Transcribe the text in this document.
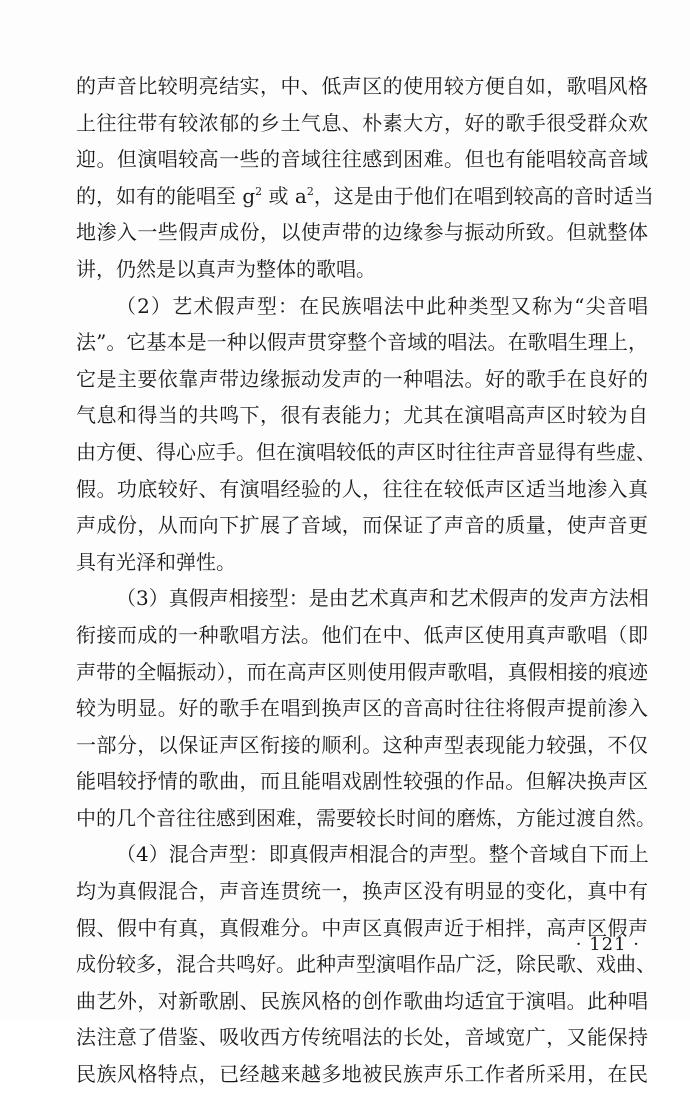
的声音比较明亮结实，中、低声区的使用较方便自如，歌唱风格
上往往带有较浓郁的乡土气息、朴素大方，好的歌手很受群众欢
迎。但演唱较高一些的音域往往感到困难。但也有能唱较高音域
的，如有的能唱至 $g^2$ 或 $a^2$，这是由于他们在唱到较高的音时适当
地渗入一些假声成份，以使声带的边缘参与振动所致。但就整体
讲，仍然是以真声为整体的歌唱。
（2）艺术假声型：在民族唱法中此种类型又称为“尖音唱
法”。它基本是一种以假声贯穿整个音域的唱法。在歌唱生理上，
它是主要依靠声带边缘振动发声的一种唱法。好的歌手在良好的
气息和得当的共鸣下，很有表能力；尤其在演唱高声区时较为自
由方便、得心应手。但在演唱较低的声区时往往声音显得有些虚、
假。功底较好、有演唱经验的人，往往在较低声区适当地渗入真
声成份，从而向下扩展了音域，而保证了声音的质量，使声音更
具有光泽和弹性。
（3）真假声相接型：是由艺术真声和艺术假声的发声方法相
衔接而成的一种歌唱方法。他们在中、低声区使用真声歌唱（即
声带的全幅振动），而在高声区则使用假声歌唱，真假相接的痕迹
较为明显。好的歌手在唱到换声区的音高时往往将假声提前渗入
一部分，以保证声区衔接的顺利。这种声型表现能力较强，不仅
能唱较抒情的歌曲，而且能唱戏剧性较强的作品。但解决换声区
中的几个音往往感到困难，需要较长时间的磨炼，方能过渡自然。
（4）混合声型：即真假声相混合的声型。整个音域自下而上
均为真假混合，声音连贯统一，换声区没有明显的变化，真中有
假、假中有真，真假难分。中声区真假声近于相拌，高声区假声
成份较多，混合共鸣好。此种声型演唱作品广泛，除民歌、戏曲、
曲艺外，对新歌剧、民族风格的创作歌曲均适宜于演唱。此种唱
法注意了借鉴、吸收西方传统唱法的长处，音域宽广，又能保持
民族风格特点，已经越来越多地被民族声乐工作者所采用，在民
· 121 ·
